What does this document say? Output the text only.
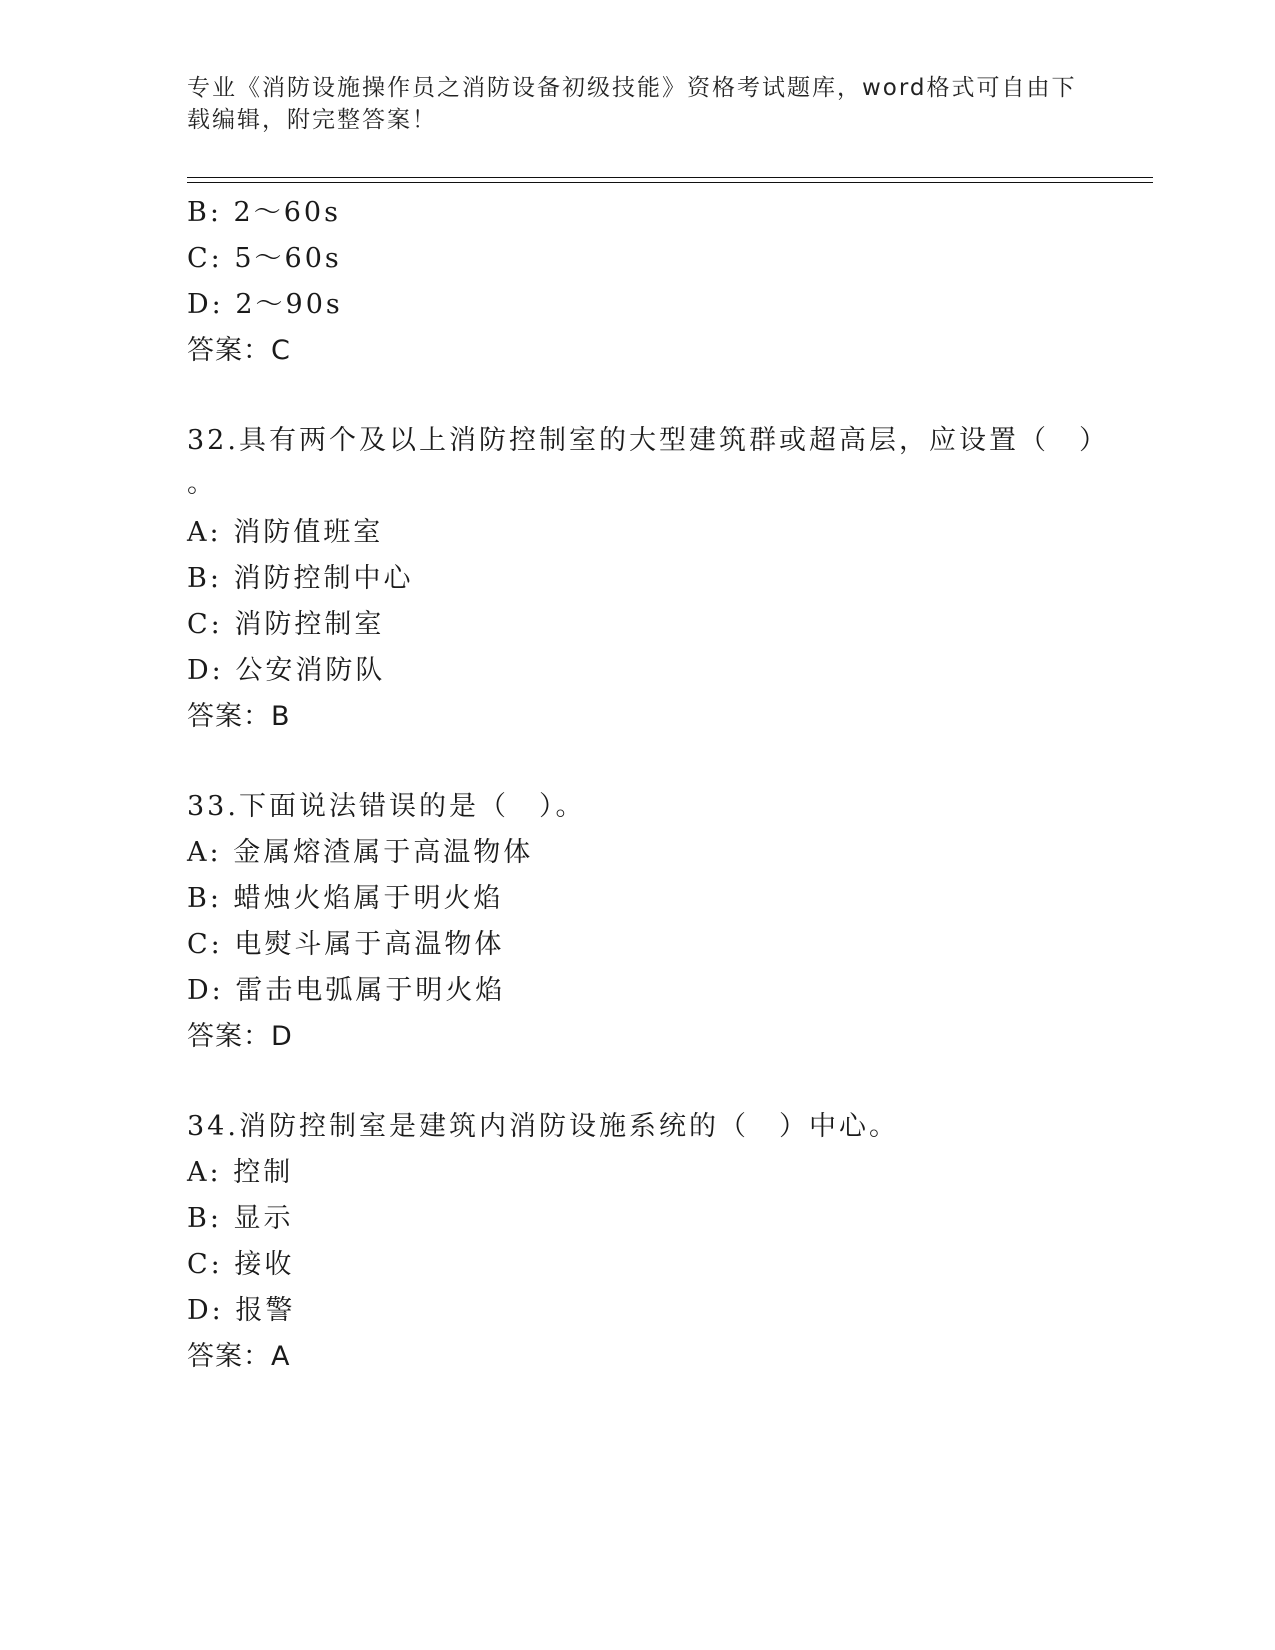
专业《消防设施操作员之消防设备初级技能》资格考试题库，word格式可自由下
载编辑，附完整答案！
B: 2～60s
C: 5～60s
D: 2～90s
答案：C
32.具有两个及以上消防控制室的大型建筑群或超高层，应设置（　）
。
A: 消防值班室
B: 消防控制中心
C: 消防控制室
D: 公安消防队
答案：B
33.下面说法错误的是（　）。
A: 金属熔渣属于高温物体
B: 蜡烛火焰属于明火焰
C: 电熨斗属于高温物体
D: 雷击电弧属于明火焰
答案：D
34.消防控制室是建筑内消防设施系统的（　）中心。
A: 控制
B: 显示
C: 接收
D: 报警
答案：A
